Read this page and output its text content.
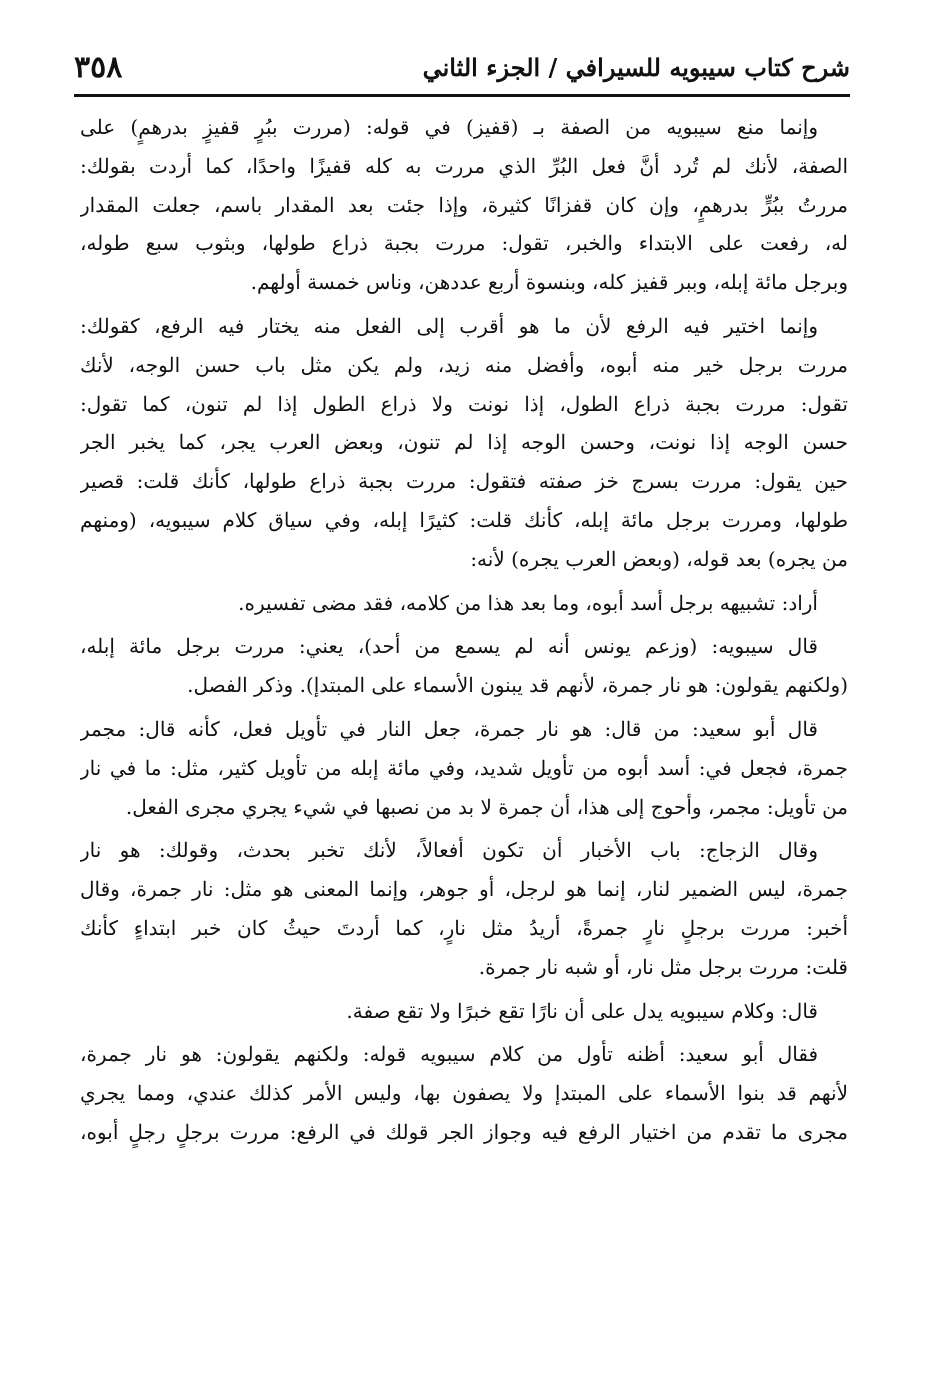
٣٥٨	شرح كتاب سيبويه للسيرافي / الجزء الثاني
وإنما منع سيبويه من الصفة بـ (قفيز) في قوله: (مررت ببُرٍ قفيزٍ بدرهمٍ) على
الصفة، لأنك لم تُرد أنَّ فعل البُرِّ الذي مررت به كله قفيزًا واحدًا، كما أردت بقولك:
مررتُ ببُرٍّ بدرهمٍ، وإن كان قفزانًا كثيرة، وإذا جئت بعد المقدار باسم، جعلت المقدار
له، رفعت على الابتداء والخبر، تقول: مررت بجبة ذراع طولها، وبثوب سبع طوله،
وبرجل مائة إبله، وببر قفيز كله، وبنسوة أربع عددهن، وناس خمسة أولهم.
وإنما اختير فيه الرفع لأن ما هو أقرب إلى الفعل منه يختار فيه الرفع، كقولك:
مررت برجل خير منه أبوه، وأفضل منه زيد، ولم يكن مثل باب حسن الوجه، لأنك
تقول: مررت بجبة ذراع الطول، إذا نونت ولا ذراع الطول إذا لم تنون، كما تقول:
حسن الوجه إذا نونت، وحسن الوجه إذا لم تنون، وبعض العرب يجر، كما يخبر الجر
حين يقول: مررت بسرج خز صفته فتقول: مررت بجبة ذراع طولها، كأنك قلت: قصير
طولها، ومررت برجل مائة إبله، كأنك قلت: كثيرًا إبله، وفي سياق كلام سيبويه، (ومنهم
من يجره) بعد قوله، (وبعض العرب يجره) لأنه:
أراد: تشبيهه برجل أسد أبوه، وما بعد هذا من كلامه، فقد مضى تفسيره.
قال سيبويه: (وزعم يونس أنه لم يسمع من أحد)، يعني: مررت برجل مائة إبله،
(ولكنهم يقولون: هو نار جمرة، لأنهم قد يبنون الأسماء على المبتدإ). وذكر الفصل.
قال أبو سعيد: من قال: هو نار جمرة، جعل النار في تأويل فعل، كأنه قال: مجمر
جمرة، فجعل في: أسد أبوه من تأويل شديد، وفي مائة إبله من تأويل كثير، مثل: ما في نار
من تأويل: مجمر، وأحوج إلى هذا، أن جمرة لا بد من نصبها في شيء يجري مجرى الفعل.
وقال الزجاج: باب الأخبار أن تكون أفعالاً، لأنك تخبر بحدث، وقولك: هو نار
جمرة، ليس الضمير لنار، إنما هو لرجل، أو جوهر، وإنما المعنى هو مثل: نار جمرة، وقال
أخبر: مررت برجلٍ نارٍ جمرةً، أريدُ مثل نارٍ، كما أردتَ حيثُ كان خبر ابتداءٍ كأنك
قلت: مررت برجل مثل نار، أو شبه نار جمرة.
قال: وكلام سيبويه يدل على أن نارًا تقع خبرًا ولا تقع صفة.
فقال أبو سعيد: أظنه تأول من كلام سيبويه قوله: ولكنهم يقولون: هو نار جمرة،
لأنهم قد بنوا الأسماء على المبتدإ ولا يصفون بها، وليس الأمر كذلك عندي، ومما يجري
مجرى ما تقدم من اختيار الرفع فيه وجواز الجر قولك في الرفع: مررت برجلٍ رجلٍ أبوه،
